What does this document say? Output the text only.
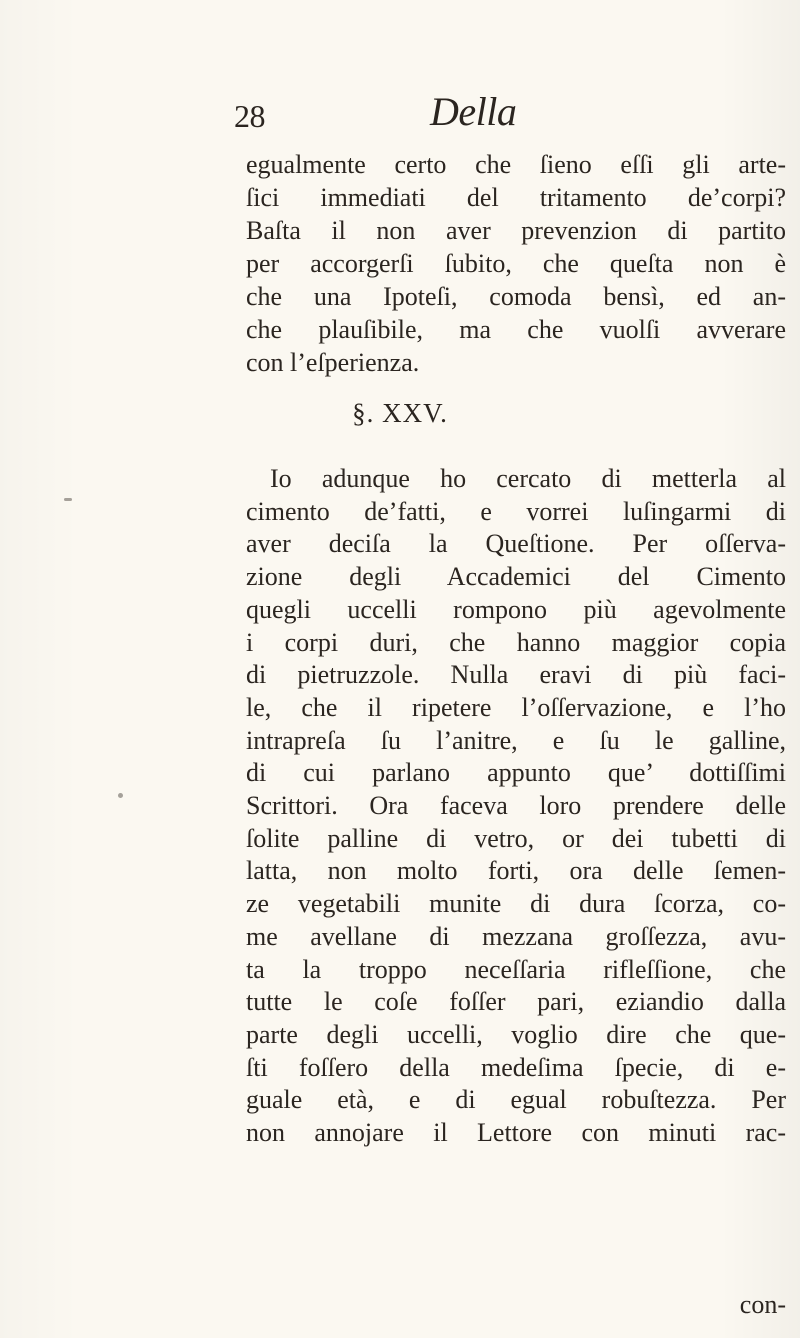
28	Della
egualmente certo che ſieno eſſi gli arte-
ſici immediati del tritamento de’corpi?
Baſta il non aver prevenzion di partito
per accorgerſi ſubito, che queſta non è
che una Ipoteſi, comoda bensì, ed an-
che plauſibile, ma che vuolſi avverare
con l’eſperienza.
§. XXV.
Io adunque ho cercato di metterla al
cimento de’fatti, e vorrei luſingarmi di
aver deciſa la Queſtione. Per oſſerva-
zione degli Accademici del Cimento
quegli uccelli rompono più agevolmente
i corpi duri, che hanno maggior copia
di pietruzzole. Nulla eravi di più faci-
le, che il ripetere l’oſſervazione, e l’ho
intrapreſa ſu l’anitre, e ſu le galline,
di cui parlano appunto que’ dottiſſimi
Scrittori. Ora faceva loro prendere delle
ſolite palline di vetro, or dei tubetti di
latta, non molto forti, ora delle ſemen-
ze vegetabili munite di dura ſcorza, co-
me avellane di mezzana groſſezza, avu-
ta la troppo neceſſaria rifleſſione, che
tutte le coſe foſſer pari, eziandio dalla
parte degli uccelli, voglio dire che que-
ſti foſſero della medeſima ſpecie, di e-
guale età, e di egual robuſtezza. Per
non annojare il Lettore con minuti rac-
con-
